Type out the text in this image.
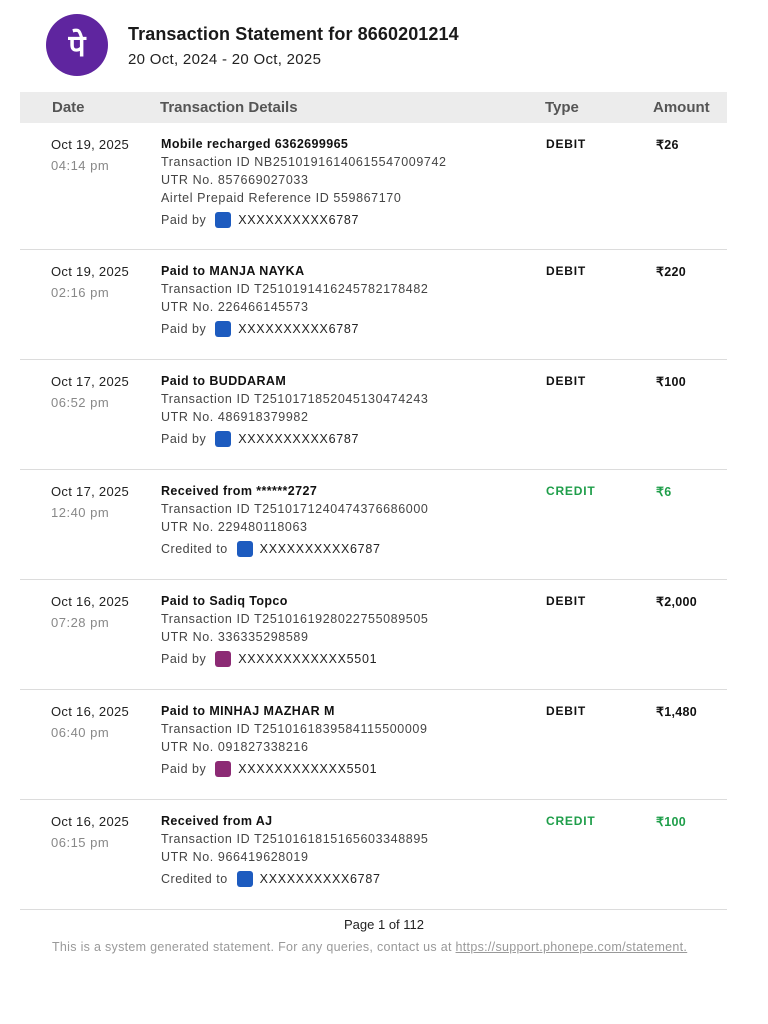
पे Transaction Statement for 8660201214
20 Oct, 2024 - 20 Oct, 2025
Date	Transaction Details	Type	Amount
Oct 19, 2025
04:14 pm
Mobile recharged 6362699965
Transaction ID NB25101916140615547009742
UTR No. 857669027033
Airtel Prepaid Reference ID 559867170
Paid by	XXXXXXXXXX6787
DEBIT	₹26
Oct 19, 2025
02:16 pm
Paid to MANJA NAYKA
Transaction ID T2510191416245782178482
UTR No. 226466145573
Paid by	XXXXXXXXXX6787
DEBIT	₹220
Oct 17, 2025
06:52 pm
Paid to BUDDARAM
Transaction ID T2510171852045130474243
UTR No. 486918379982
Paid by	XXXXXXXXXX6787
DEBIT	₹100
Oct 17, 2025
12:40 pm
Received from ******2727
Transaction ID T2510171240474376686000
UTR No. 229480118063
Credited to	XXXXXXXXXX6787
CREDIT	₹6
Oct 16, 2025
07:28 pm
Paid to Sadiq Topco
Transaction ID T2510161928022755089505
UTR No. 336335298589
Paid by	XXXXXXXXXXXX5501
DEBIT	₹2,000
Oct 16, 2025
06:40 pm
Paid to MINHAJ MAZHAR M
Transaction ID T2510161839584115500009
UTR No. 091827338216
Paid by	XXXXXXXXXXXX5501
DEBIT	₹1,480
Oct 16, 2025
06:15 pm
Received from AJ
Transaction ID T2510161815165603348895
UTR No. 966419628019
Credited to	XXXXXXXXXX6787
CREDIT	₹100
Page 1 of 112
This is a system generated statement. For any queries, contact us at https://support.phonepe.com/statement.
